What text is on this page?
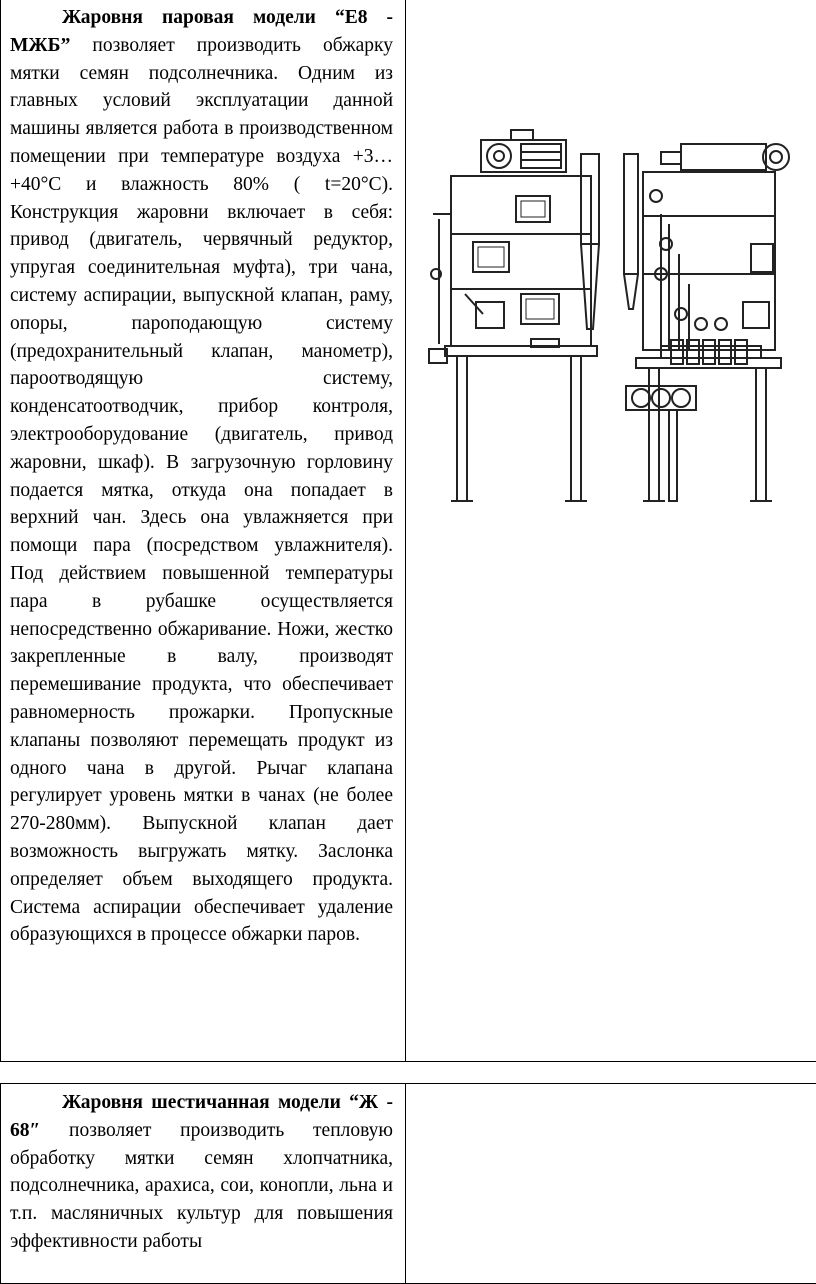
Жаровня паровая модели “Е8 - МЖБ” позволяет производить обжарку мятки семян подсолнечника. Одним из главных условий эксплуатации данной машины является работа в производственном помещении при температуре воздуха +3…+40°С и влажность 80% ( t=20°С). Конструкция жаровни включает в себя: привод (двигатель, червячный редуктор, упругая соединительная муфта), три чана, систему аспирации, выпускной клапан, раму, опоры, пароподающую систему (предохранительный клапан, манометр), пароотводящую систему, конденсатоотводчик, прибор контроля, электрооборудование (двигатель, привод жаровни, шкаф). В загрузочную горловину подается мятка, откуда она попадает в верхний чан. Здесь она увлажняется при помощи пара (посредством увлажнителя). Под действием повышенной температуры пара в рубашке осуществляется непосредственно обжаривание. Ножи, жестко закрепленные в валу, производят перемешивание продукта, что обеспечивает равномерность прожарки. Пропускные клапаны позволяют перемещать продукт из одного чана в другой. Рычаг клапана регулирует уровень мятки в чанах (не более 270-280мм). Выпускной клапан дает возможность выгружать мятку. Заслонка определяет объем выходящего продукта. Система аспирации обеспечивает удаление образующихся в процессе обжарки паров.

Жаровня шестичанная модели “Ж - 68″ позволяет производить тепловую обработку мятки семян хлопчатника, подсолнечника, арахиса, сои, конопли, льна и т.п. масляничных культур для повышения эффективности работы
